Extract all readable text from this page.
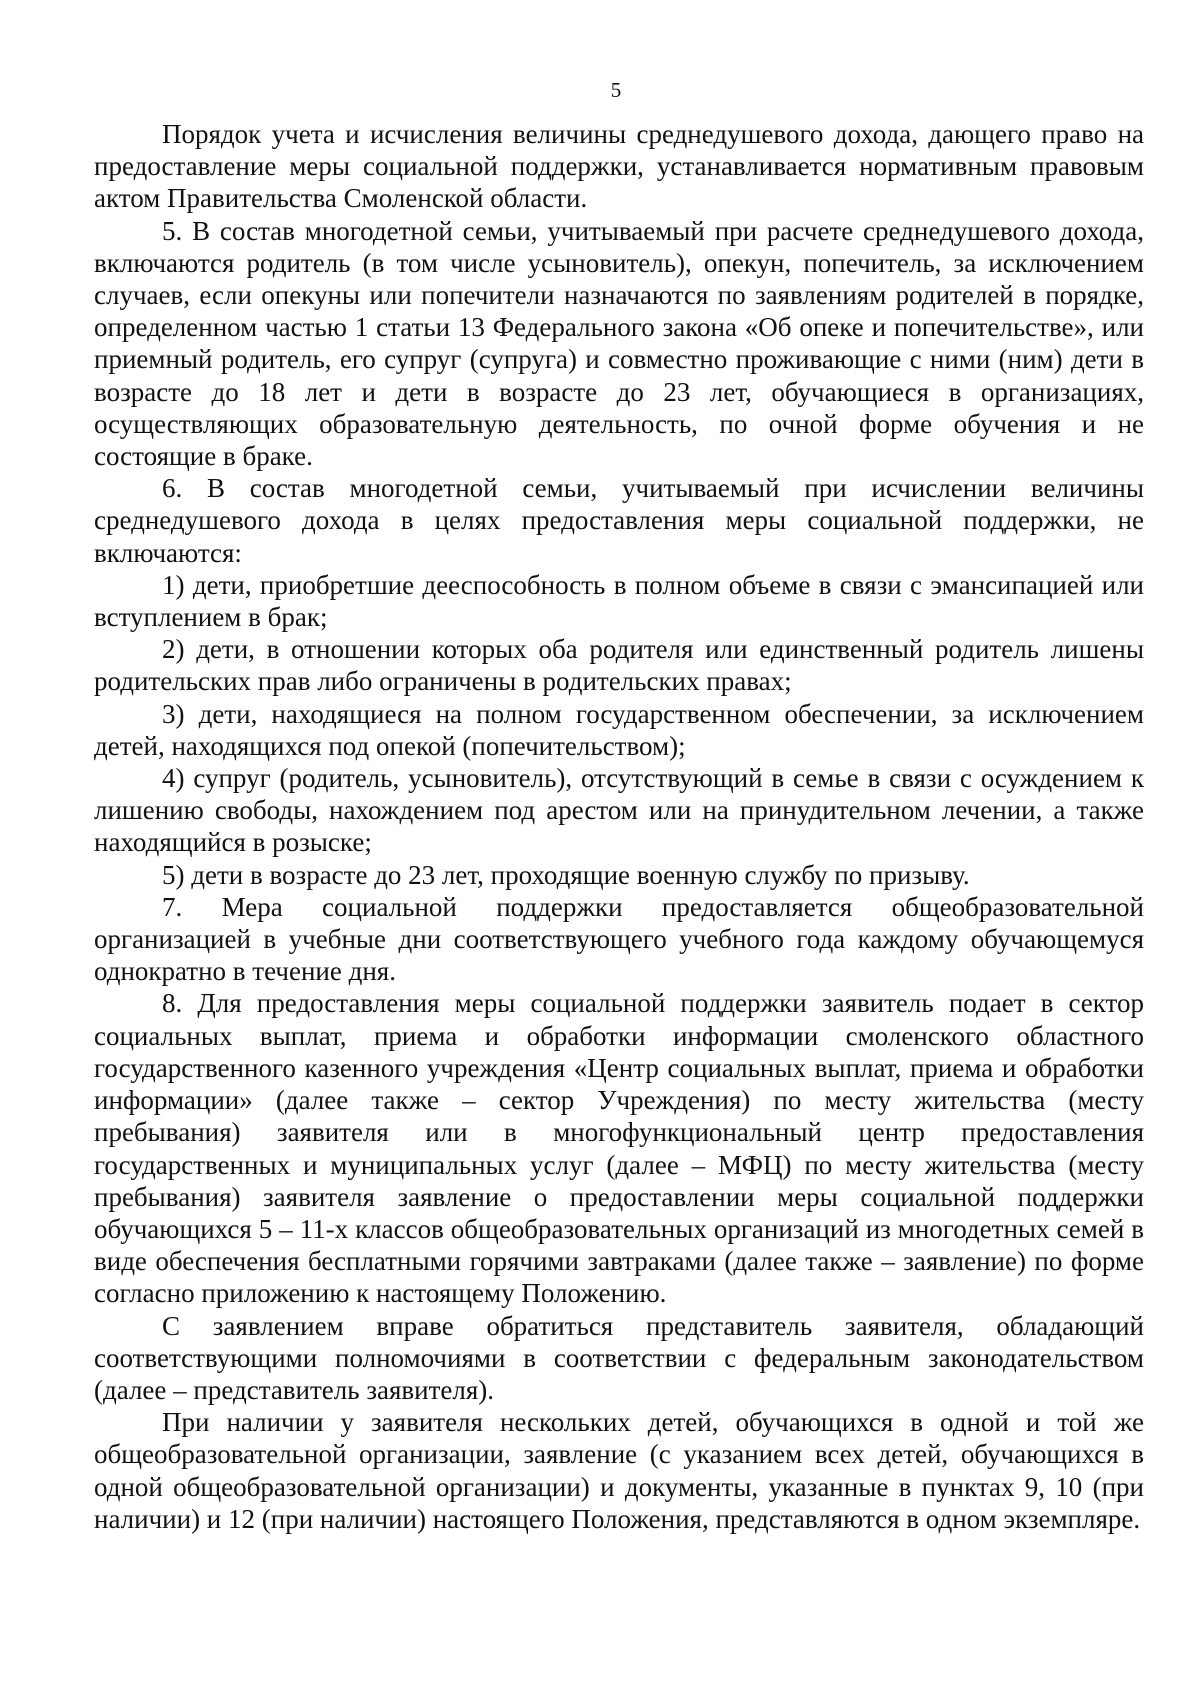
5

Порядок учета и исчисления величины среднедушевого дохода, дающего право на предоставление меры социальной поддержки, устанавливается нормативным правовым актом Правительства Смоленской области.

5. В состав многодетной семьи, учитываемый при расчете среднедушевого дохода, включаются родитель (в том числе усыновитель), опекун, попечитель, за исключением случаев, если опекуны или попечители назначаются по заявлениям родителей в порядке, определенном частью 1 статьи 13 Федерального закона «Об опеке и попечительстве», или приемный родитель, его супруг (супруга) и совместно проживающие с ними (ним) дети в возрасте до 18 лет и дети в возрасте до 23 лет, обучающиеся в организациях, осуществляющих образовательную деятельность, по очной форме обучения и не состоящие в браке.

6. В состав многодетной семьи, учитываемый при исчислении величины среднедушевого дохода в целях предоставления меры социальной поддержки, не включаются:

1) дети, приобретшие дееспособность в полном объеме в связи с эмансипацией или вступлением в брак;

2) дети, в отношении которых оба родителя или единственный родитель лишены родительских прав либо ограничены в родительских правах;

3) дети, находящиеся на полном государственном обеспечении, за исключением детей, находящихся под опекой (попечительством);

4) супруг (родитель, усыновитель), отсутствующий в семье в связи с осуждением к лишению свободы, нахождением под арестом или на принудительном лечении, а также находящийся в розыске;

5) дети в возрасте до 23 лет, проходящие военную службу по призыву.

7. Мера социальной поддержки предоставляется общеобразовательной организацией в учебные дни соответствующего учебного года каждому обучающемуся однократно в течение дня.

8. Для предоставления меры социальной поддержки заявитель подает в сектор социальных выплат, приема и обработки информации смоленского областного государственного казенного учреждения «Центр социальных выплат, приема и обработки информации» (далее также – сектор Учреждения) по месту жительства (месту пребывания) заявителя или в многофункциональный центр предоставления государственных и муниципальных услуг (далее – МФЦ) по месту жительства (месту пребывания) заявителя заявление о предоставлении меры социальной поддержки обучающихся 5 – 11-х классов общеобразовательных организаций из многодетных семей в виде обеспечения бесплатными горячими завтраками (далее также – заявление) по форме согласно приложению к настоящему Положению.

С заявлением вправе обратиться представитель заявителя, обладающий соответствующими полномочиями в соответствии с федеральным законодательством (далее – представитель заявителя).

При наличии у заявителя нескольких детей, обучающихся в одной и той же общеобразовательной организации, заявление (с указанием всех детей, обучающихся в одной общеобразовательной организации) и документы, указанные в пунктах 9, 10 (при наличии) и 12 (при наличии) настоящего Положения, представляются в одном экземпляре.
